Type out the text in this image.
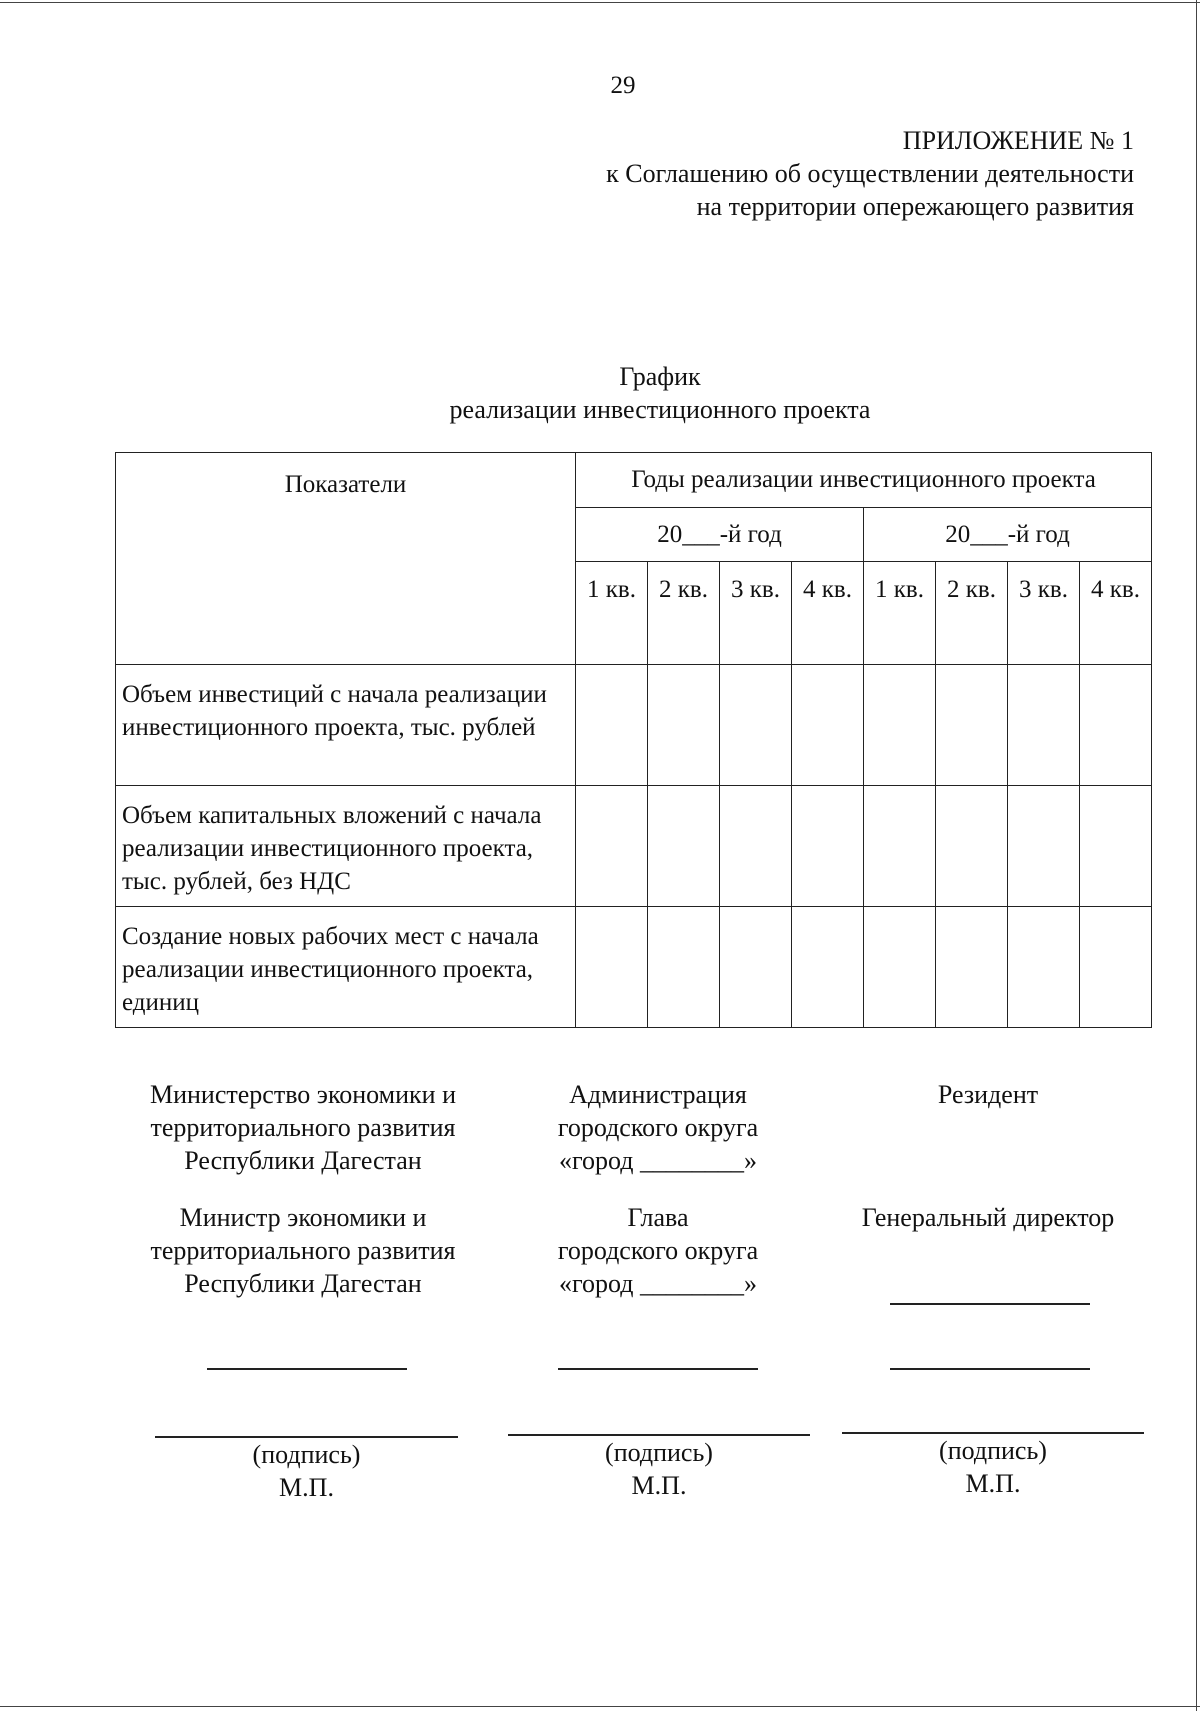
29
ПРИЛОЖЕНИЕ № 1
к Соглашению об осуществлении деятельности
на территории опережающего развития
График
реализации инвестиционного проекта
Показатели	Годы реализации инвестиционного проекта							
	20___-й год				20___-й год			
	1 кв.	2 кв.	3 кв.	4 кв.	1 кв.	2 кв.	3 кв.	4 кв.
Объем инвестиций с начала реализации инвестиционного проекта, тыс. рублей								
Объем капитальных вложений с начала реализации инвестиционного проекта, тыс. рублей, без НДС								
Создание новых рабочих мест с начала реализации инвестиционного проекта, единиц								
Министерство экономики и
территориального развития
Республики Дагестан
Министр экономики и
территориального развития
Республики Дагестан
Администрация
городского округа
«город ________»
Глава
городского округа
«город ________»
Резидент
Генеральный директор
(подпись)
М.П.
(подпись)
М.П.
(подпись)
М.П.
